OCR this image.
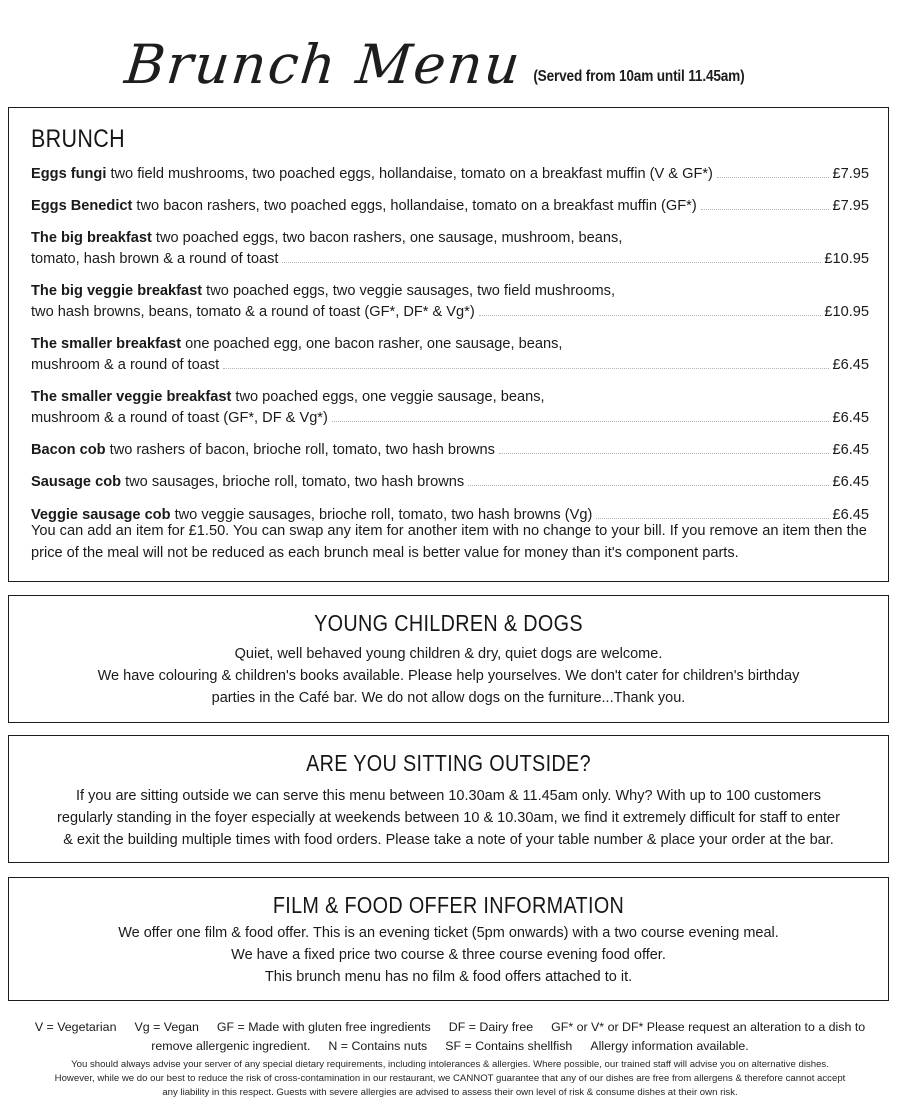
Brunch Menu (Served from 10am until 11.45am)
BRUNCH
Eggs fungi two field mushrooms, two poached eggs, hollandaise, tomato on a breakfast muffin (V & GF*)	£7.95
Eggs Benedict two bacon rashers, two poached eggs, hollandaise, tomato on a breakfast muffin (GF*)	£7.95
The big breakfast two poached eggs, two bacon rashers, one sausage, mushroom, beans,
tomato, hash brown & a round of toast	£10.95
The big veggie breakfast two poached eggs, two veggie sausages, two field mushrooms,
two hash browns, beans, tomato & a round of toast (GF*, DF* & Vg*)	£10.95
The smaller breakfast one poached egg, one bacon rasher, one sausage, beans,
mushroom & a round of toast	£6.45
The smaller veggie breakfast two poached eggs, one veggie sausage, beans,
mushroom & a round of toast (GF*, DF & Vg*)	£6.45
Bacon cob two rashers of bacon, brioche roll, tomato, two hash browns	£6.45
Sausage cob two sausages, brioche roll, tomato, two hash browns	£6.45
Veggie sausage cob two veggie sausages, brioche roll, tomato, two hash browns (Vg)	£6.45
You can add an item for £1.50. You can swap any item for another item with no change to your bill. If you remove an item then the price of the meal will not be reduced as each brunch meal is better value for money than it's component parts.
YOUNG CHILDREN & DOGS
Quiet, well behaved young children & dry, quiet dogs are welcome.
We have colouring & children's books available. Please help yourselves. We don't cater for children's birthday
parties in the Café bar. We do not allow dogs on the furniture...Thank you.
ARE YOU SITTING OUTSIDE?
If you are sitting outside we can serve this menu between 10.30am & 11.45am only. Why? With up to 100 customers
regularly standing in the foyer especially at weekends between 10 & 10.30am, we find it extremely difficult for staff to enter
& exit the building multiple times with food orders. Please take a note of your table number & place your order at the bar.
FILM & FOOD OFFER INFORMATION
We offer one film & food offer. This is an evening ticket (5pm onwards) with a two course evening meal.
We have a fixed price two course & three course evening food offer.
This brunch menu has no film & food offers attached to it.
V = Vegetarian Vg = Vegan GF = Made with gluten free ingredients DF = Dairy free GF* or V* or DF* Please request an alteration to a dish to
remove allergenic ingredient. N = Contains nuts SF = Contains shellfish Allergy information available.
You should always advise your server of any special dietary requirements, including intolerances & allergies. Where possible, our trained staff will advise you on alternative dishes.
However, while we do our best to reduce the risk of cross-contamination in our restaurant, we CANNOT guarantee that any of our dishes are free from allergens & therefore cannot accept
any liability in this respect. Guests with severe allergies are advised to assess their own level of risk & consume dishes at their own risk.
